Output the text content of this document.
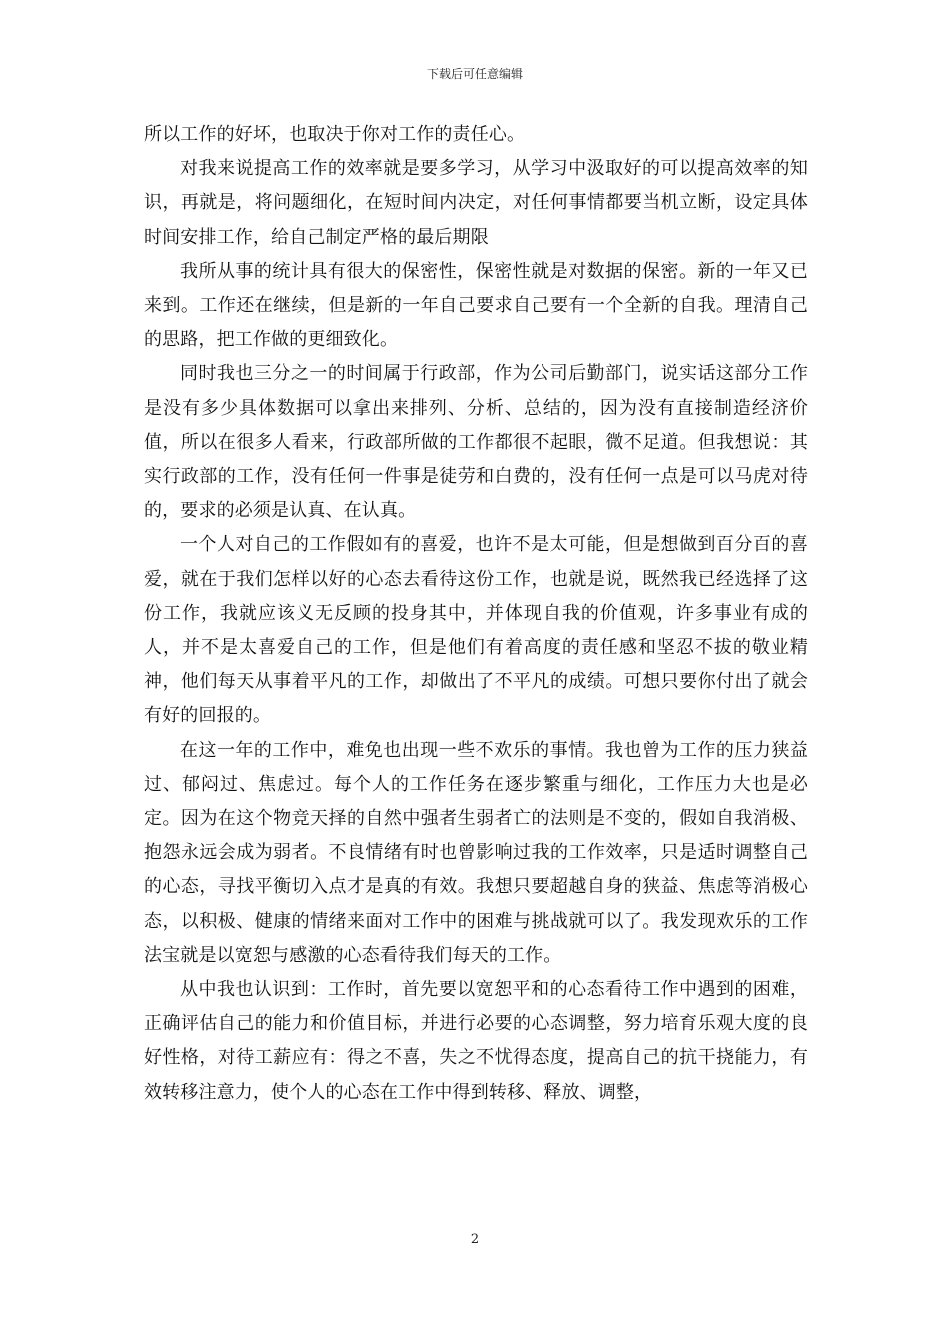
下载后可任意编辑

所以工作的好坏，也取决于你对工作的责任心。

对我来说提高工作的效率就是要多学习，从学习中汲取好的可以提高效率的知识，再就是，将问题细化，在短时间内决定，对任何事情都要当机立断，设定具体时间安排工作，给自己制定严格的最后期限

我所从事的统计具有很大的保密性，保密性就是对数据的保密。新的一年又已来到。工作还在继续，但是新的一年自己要求自己要有一个全新的自我。理清自己的思路，把工作做的更细致化。

同时我也三分之一的时间属于行政部，作为公司后勤部门，说实话这部分工作是没有多少具体数据可以拿出来排列、分析、总结的，因为没有直接制造经济价值，所以在很多人看来，行政部所做的工作都很不起眼，微不足道。但我想说：其实行政部的工作，没有任何一件事是徒劳和白费的，没有任何一点是可以马虎对待的，要求的必须是认真、在认真。

一个人对自己的工作假如有的喜爱，也许不是太可能，但是想做到百分百的喜爱，就在于我们怎样以好的心态去看待这份工作，也就是说，既然我已经选择了这份工作，我就应该义无反顾的投身其中，并体现自我的价值观，许多事业有成的人，并不是太喜爱自己的工作，但是他们有着高度的责任感和坚忍不拔的敬业精神，他们每天从事着平凡的工作，却做出了不平凡的成绩。可想只要你付出了就会有好的回报的。

在这一年的工作中，难免也出现一些不欢乐的事情。我也曾为工作的压力狭益过、郁闷过、焦虑过。每个人的工作任务在逐步繁重与细化，工作压力大也是必定。因为在这个物竞天择的自然中强者生弱者亡的法则是不变的，假如自我消极、抱怨永远会成为弱者。不良情绪有时也曾影响过我的工作效率，只是适时调整自己的心态，寻找平衡切入点才是真的有效。我想只要超越自身的狭益、焦虑等消极心态，以积极、健康的情绪来面对工作中的困难与挑战就可以了。我发现欢乐的工作法宝就是以宽恕与感激的心态看待我们每天的工作。

从中我也认识到：工作时，首先要以宽恕平和的心态看待工作中遇到的困难，正确评估自己的能力和价值目标，并进行必要的心态调整，努力培育乐观大度的良好性格，对待工薪应有：得之不喜，失之不忧得态度，提高自己的抗干挠能力，有效转移注意力，使个人的心态在工作中得到转移、释放、调整，

2
